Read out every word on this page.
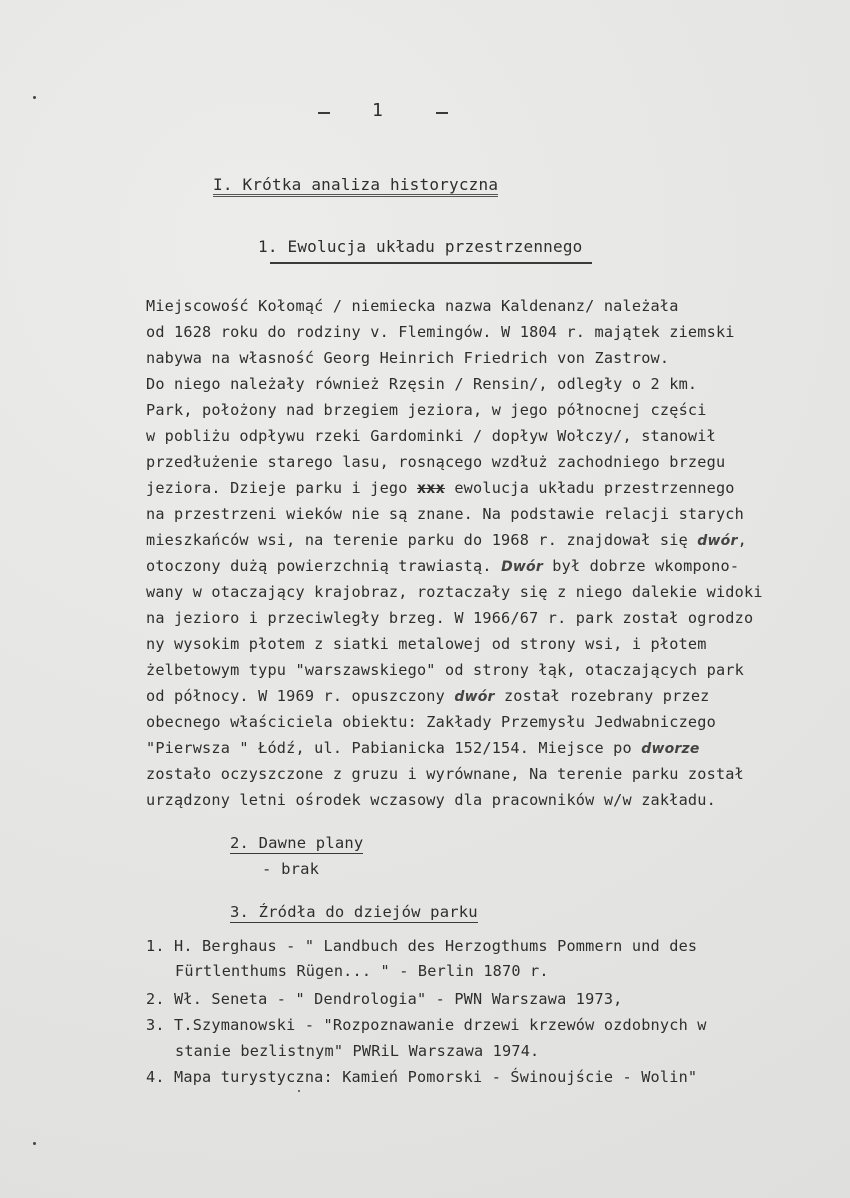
1
I. Krótka analiza historyczna
1. Ewolucja układu przestrzennego
Miejscowość Kołomąć / niemiecka nazwa Kaldenanz/ należała
od 1628 roku do rodziny v. Flemingów. W 1804 r. majątek ziemski
nabywa na własność Georg Heinrich Friedrich von Zastrow.
Do niego należały również Rzęsin / Rensin/, odległy o 2 km.
Park, położony nad brzegiem jeziora, w jego północnej części
w pobliżu odpływu rzeki Gardominki / dopływ Wołczy/, stanowił
przedłużenie starego lasu, rosnącego wzdłuż zachodniego brzegu
jeziora. Dzieje parku i jego xxx ewolucja układu przestrzennego
na przestrzeni wieków nie są znane. Na podstawie relacji starych
mieszkańców wsi, na terenie parku do 1968 r. znajdował się dwór,
otoczony dużą powierzchnią trawiastą. Dwór był dobrze wkompono-
wany w otaczający krajobraz, roztaczały się z niego dalekie widoki
na jezioro i przeciwległy brzeg. W 1966/67 r. park został ogrodzo
ny wysokim płotem z siatki metalowej od strony wsi, i płotem
żelbetowym typu "warszawskiego" od strony łąk, otaczających park
od północy. W 1969 r. opuszczony dwór został rozebrany przez
obecnego właściciela obiektu: Zakłady Przemysłu Jedwabniczego
"Pierwsza " Łódź, ul. Pabianicka 152/154. Miejsce po dworze
zostało oczyszczone z gruzu i wyrównane, Na terenie parku został
urządzony letni ośrodek wczasowy dla pracowników w/w zakładu.
2. Dawne plany
- brak
3. Źródła do dziejów parku
1. H. Berghaus - " Landbuch des Herzogthums Pommern und des
Fürtlenthums Rügen... " - Berlin 1870 r.
2. Wł. Seneta - " Dendrologia" - PWN Warszawa 1973,
3. T.Szymanowski - "Rozpoznawanie drzewi krzewów ozdobnych w
stanie bezlistnym" PWRiL Warszawa 1974.
4. Mapa turystyczna: Kamień Pomorski - Świnoujście - Wolin"
